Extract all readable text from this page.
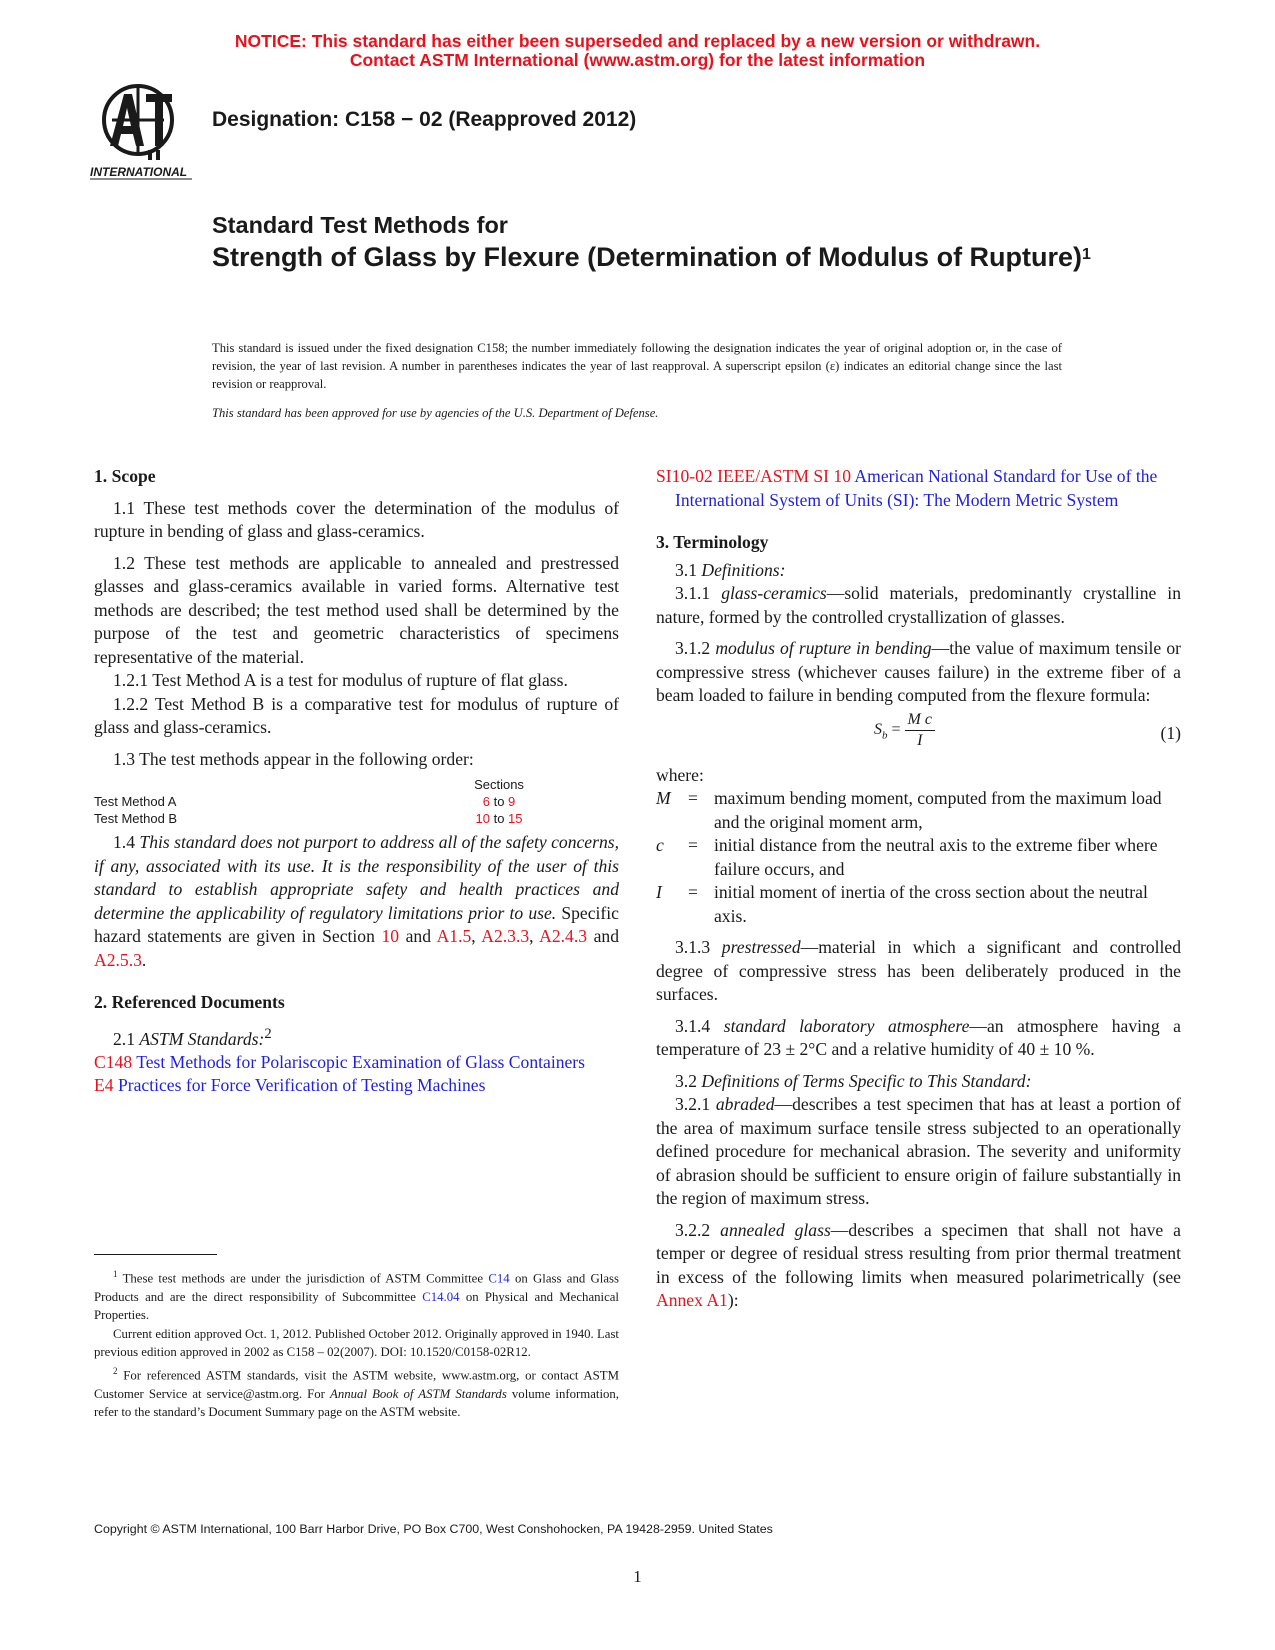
NOTICE: This standard has either been superseded and replaced by a new version or withdrawn.
Contact ASTM International (www.astm.org) for the latest information
INTERNATIONAL
Designation: C158 − 02 (Reapproved 2012)
Standard Test Methods for
Strength of Glass by Flexure (Determination of Modulus of Rupture)$^1$
This standard is issued under the fixed designation C158; the number immediately following the designation indicates the year of original adoption or, in the case of revision, the year of last revision. A number in parentheses indicates the year of last reapproval. A superscript epsilon (ε) indicates an editorial change since the last revision or reapproval.
This standard has been approved for use by agencies of the U.S. Department of Defense.

1. Scope

1.1 These test methods cover the determination of the modulus of rupture in bending of glass and glass-ceramics.

1.2 These test methods are applicable to annealed and prestressed glasses and glass-ceramics available in varied forms. Alternative test methods are described; the test method used shall be determined by the purpose of the test and geometric characteristics of specimens representative of the material.

1.2.1 Test Method A is a test for modulus of rupture of flat glass.

1.2.2 Test Method B is a comparative test for modulus of rupture of glass and glass-ceramics.

1.3 The test methods appear in the following order:

	Sections	
Test Method A	6 to 9	
Test Method B	10 to 15	

1.4 This standard does not purport to address all of the safety concerns, if any, associated with its use. It is the responsibility of the user of this standard to establish appropriate safety and health practices and determine the applicability of regulatory limitations prior to use. Specific hazard statements are given in Section 10 and A1.5, A2.3.3, A2.4.3 and A2.5.3.

2. Referenced Documents

2.1 ASTM Standards:$^2$

C148 Test Methods for Polariscopic Examination of Glass Containers

E4 Practices for Force Verification of Testing Machines

$^1$ These test methods are under the jurisdiction of ASTM Committee C14 on Glass and Glass Products and are the direct responsibility of Subcommittee C14.04 on Physical and Mechanical Properties.

Current edition approved Oct. 1, 2012. Published October 2012. Originally approved in 1940. Last previous edition approved in 2002 as C158 – 02(2007). DOI: 10.1520/C0158-02R12.

$^2$ For referenced ASTM standards, visit the ASTM website, www.astm.org, or contact ASTM Customer Service at service@astm.org. For Annual Book of ASTM Standards volume information, refer to the standard’s Document Summary page on the ASTM website.

SI10-02 IEEE/ASTM SI 10 American National Standard for Use of the International System of Units (SI): The Modern Metric System

3. Terminology

3.1 Definitions:

3.1.1 glass-ceramics—solid materials, predominantly crystalline in nature, formed by the controlled crystallization of glasses.

3.1.2 modulus of rupture in bending—the value of maximum tensile or compressive stress (whichever causes failure) in the extreme fiber of a beam loaded to failure in bending computed from the flexure formula:

$S_b = \frac{\text{M c}}{I}$	(1)

where:

M	=	maximum bending moment, computed from the maximum load and the original moment arm,
c	=	initial distance from the neutral axis to the extreme fiber where failure occurs, and
I	=	initial moment of inertia of the cross section about the neutral axis.

3.1.3 prestressed—material in which a significant and controlled degree of compressive stress has been deliberately produced in the surfaces.

3.1.4 standard laboratory atmosphere—an atmosphere having a temperature of 23 ± 2°C and a relative humidity of 40 ± 10 %.

3.2 Definitions of Terms Specific to This Standard:

3.2.1 abraded—describes a test specimen that has at least a portion of the area of maximum surface tensile stress subjected to an operationally defined procedure for mechanical abrasion. The severity and uniformity of abrasion should be sufficient to ensure origin of failure substantially in the region of maximum stress.

3.2.2 annealed glass—describes a specimen that shall not have a temper or degree of residual stress resulting from prior thermal treatment in excess of the following limits when measured polarimetrically (see Annex A1):

Copyright © ASTM International, 100 Barr Harbor Drive, PO Box C700, West Conshohocken, PA 19428-2959. United States
1
